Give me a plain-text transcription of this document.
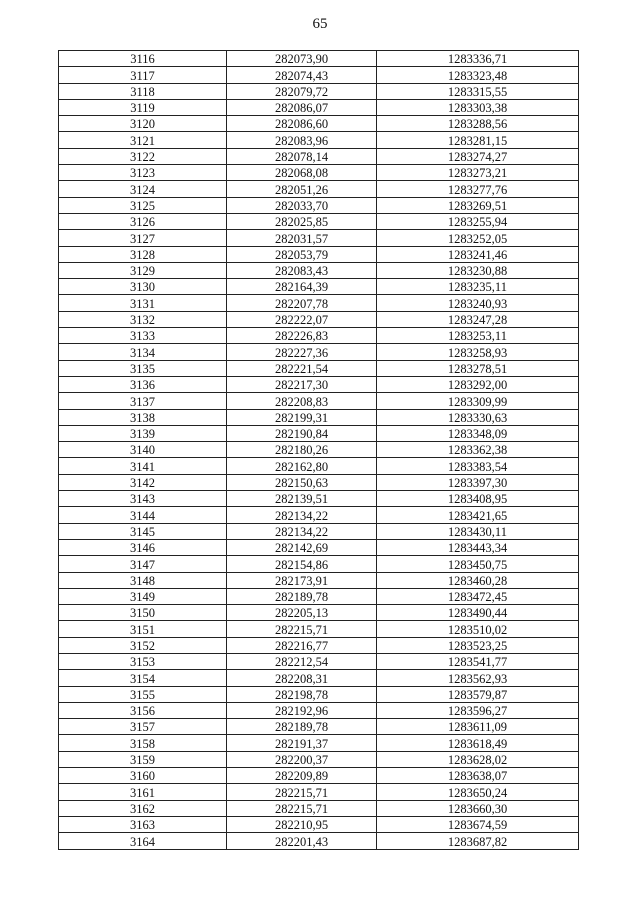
65
3116	282073,90	1283336,71
3117	282074,43	1283323,48
3118	282079,72	1283315,55
3119	282086,07	1283303,38
3120	282086,60	1283288,56
3121	282083,96	1283281,15
3122	282078,14	1283274,27
3123	282068,08	1283273,21
3124	282051,26	1283277,76
3125	282033,70	1283269,51
3126	282025,85	1283255,94
3127	282031,57	1283252,05
3128	282053,79	1283241,46
3129	282083,43	1283230,88
3130	282164,39	1283235,11
3131	282207,78	1283240,93
3132	282222,07	1283247,28
3133	282226,83	1283253,11
3134	282227,36	1283258,93
3135	282221,54	1283278,51
3136	282217,30	1283292,00
3137	282208,83	1283309,99
3138	282199,31	1283330,63
3139	282190,84	1283348,09
3140	282180,26	1283362,38
3141	282162,80	1283383,54
3142	282150,63	1283397,30
3143	282139,51	1283408,95
3144	282134,22	1283421,65
3145	282134,22	1283430,11
3146	282142,69	1283443,34
3147	282154,86	1283450,75
3148	282173,91	1283460,28
3149	282189,78	1283472,45
3150	282205,13	1283490,44
3151	282215,71	1283510,02
3152	282216,77	1283523,25
3153	282212,54	1283541,77
3154	282208,31	1283562,93
3155	282198,78	1283579,87
3156	282192,96	1283596,27
3157	282189,78	1283611,09
3158	282191,37	1283618,49
3159	282200,37	1283628,02
3160	282209,89	1283638,07
3161	282215,71	1283650,24
3162	282215,71	1283660,30
3163	282210,95	1283674,59
3164	282201,43	1283687,82
